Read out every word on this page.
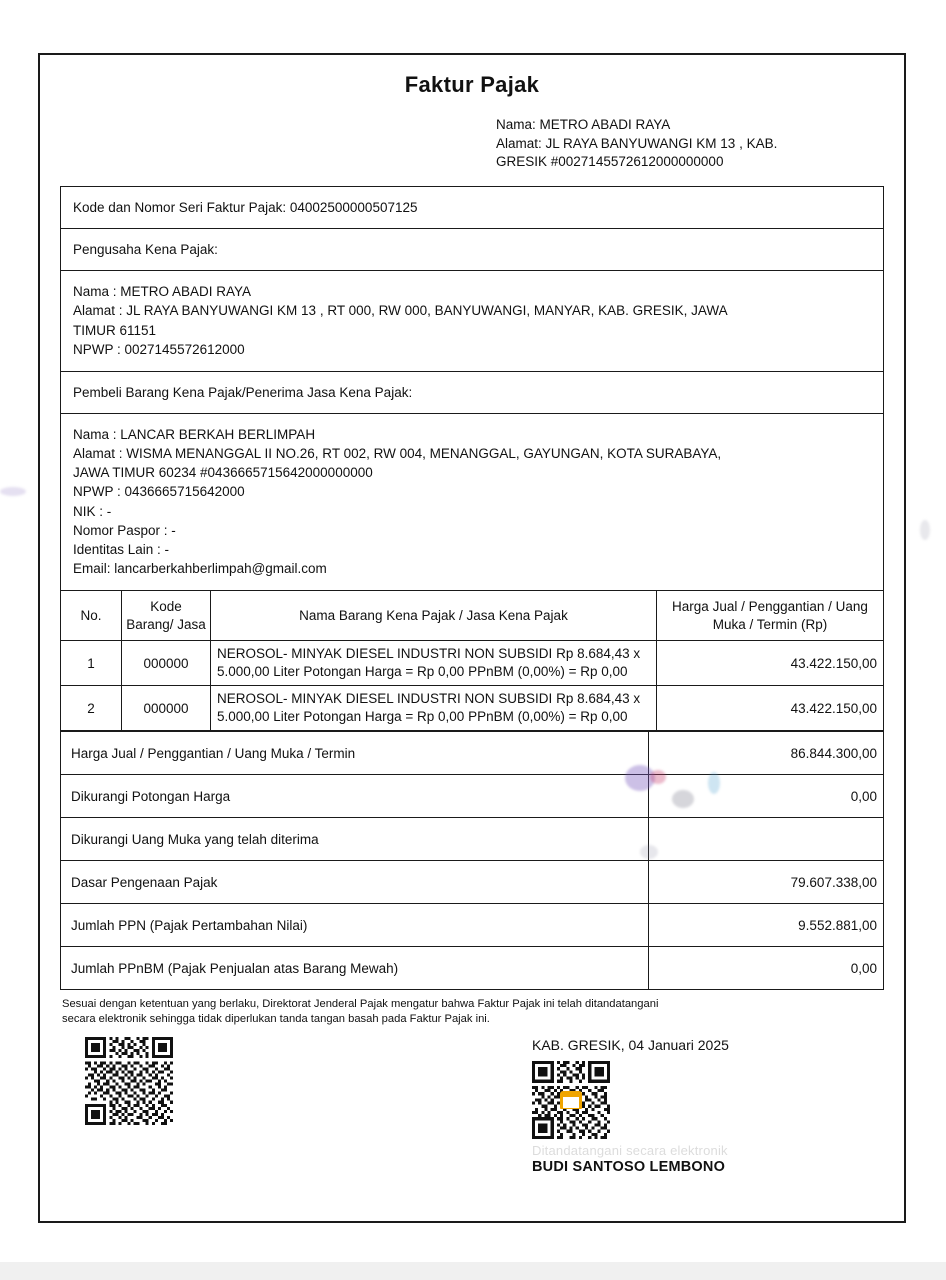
Faktur Pajak
Nama: METRO ABADI RAYA
Alamat: JL RAYA BANYUWANGI KM 13 , KAB.
GRESIK #0027145572612000000000
Kode dan Nomor Seri Faktur Pajak: 04002500000507125
Pengusaha Kena Pajak:
Nama : METRO ABADI RAYA
Alamat : JL RAYA BANYUWANGI KM 13 , RT 000, RW 000, BANYUWANGI, MANYAR, KAB. GRESIK, JAWA
TIMUR 61151
NPWP : 0027145572612000
Pembeli Barang Kena Pajak/Penerima Jasa Kena Pajak:
Nama : LANCAR BERKAH BERLIMPAH
Alamat : WISMA MENANGGAL II NO.26, RT 002, RW 004, MENANGGAL, GAYUNGAN, KOTA SURABAYA,
JAWA TIMUR 60234 #0436665715642000000000
NPWP : 0436665715642000
NIK : -
Nomor Paspor : -
Identitas Lain : -
Email: lancarberkahberlimpah@gmail.com
No.	Kode Barang/ Jasa	Nama Barang Kena Pajak / Jasa Kena Pajak	Harga Jual / Penggantian / Uang Muka / Termin (Rp)
1	000000	NEROSOL- MINYAK DIESEL INDUSTRI NON SUBSIDI Rp 8.684,43 x 5.000,00 Liter Potongan Harga = Rp 0,00 PPnBM (0,00%) = Rp 0,00	43.422.150,00
2	000000	NEROSOL- MINYAK DIESEL INDUSTRI NON SUBSIDI Rp 8.684,43 x 5.000,00 Liter Potongan Harga = Rp 0,00 PPnBM (0,00%) = Rp 0,00	43.422.150,00
Harga Jual / Penggantian / Uang Muka / Termin	86.844.300,00
Dikurangi Potongan Harga	0,00
Dikurangi Uang Muka yang telah diterima	
Dasar Pengenaan Pajak	79.607.338,00
Jumlah PPN (Pajak Pertambahan Nilai)	9.552.881,00
Jumlah PPnBM (Pajak Penjualan atas Barang Mewah)	0,00
Sesuai dengan ketentuan yang berlaku, Direktorat Jenderal Pajak mengatur bahwa Faktur Pajak ini telah ditandatangani
secara elektronik sehingga tidak diperlukan tanda tangan basah pada Faktur Pajak ini.
KAB. GRESIK, 04 Januari 2025
Ditandatangani secara elektronik
BUDI SANTOSO LEMBONO
